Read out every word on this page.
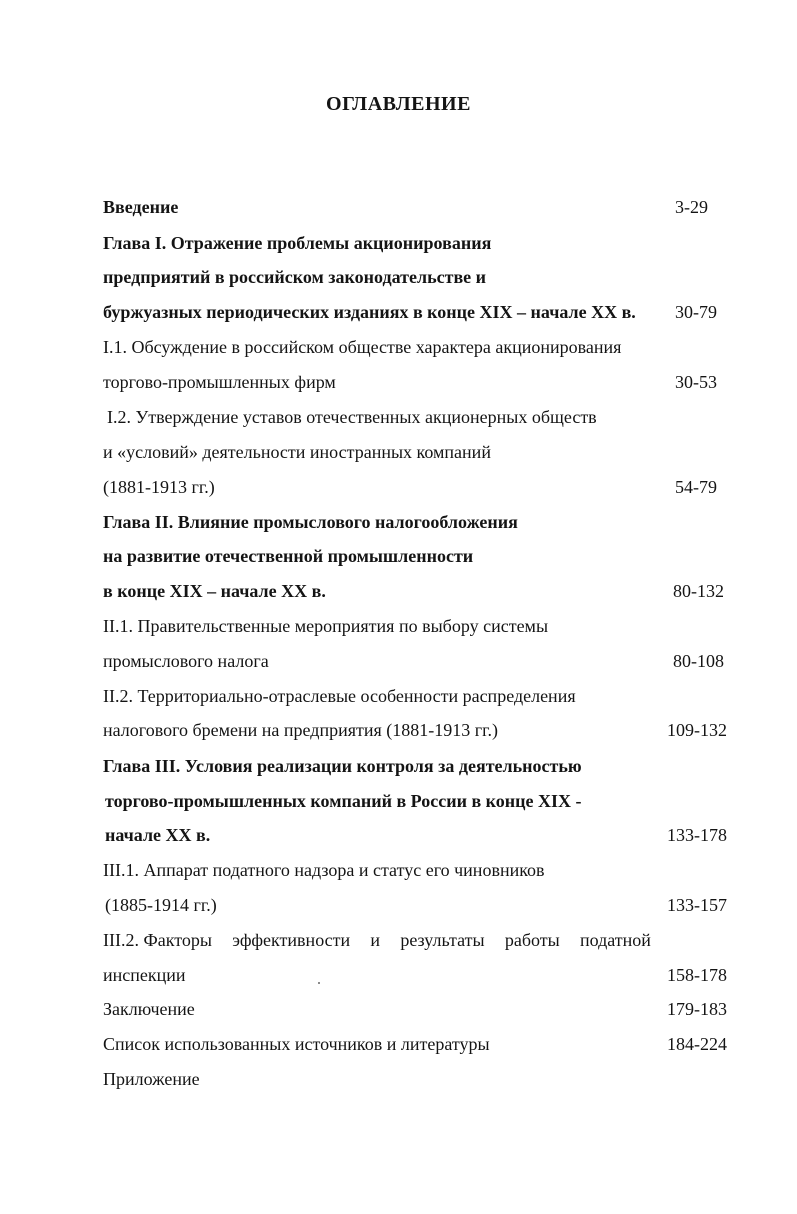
ОГЛАВЛЕНИЕ
Введение	3-29
Глава I. Отражение проблемы акционирования
предприятий в российском законодательстве и
буржуазных периодических изданиях в конце XIX – начале XX в. 30-79
I.1. Обсуждение в российском обществе характера акционирования
торгово-промышленных фирм	30-53
I.2. Утверждение уставов отечественных акционерных обществ
и «условий» деятельности иностранных компаний
(1881-1913 гг.)	54-79
Глава II. Влияние промыслового налогообложения
на развитие отечественной промышленности
в конце XIX – начале XX в.	80-132
II.1. Правительственные мероприятия по выбору системы
промыслового налога	80-108
II.2. Территориально-отраслевые особенности распределения
налогового бремени на предприятия (1881-1913 гг.)	109-132
Глава III. Условия реализации контроля за деятельностью
торгово-промышленных компаний в России в конце XIX -
начале XX в.	133-178
III.1. Аппарат податного надзора и статус его чиновников
(1885-1914 гг.)	133-157
III.2. Факторы эффективности и результаты работы податной
инспекции	158-178
Заключение	179-183
Список использованных источников и литературы	184-224
Приложение
